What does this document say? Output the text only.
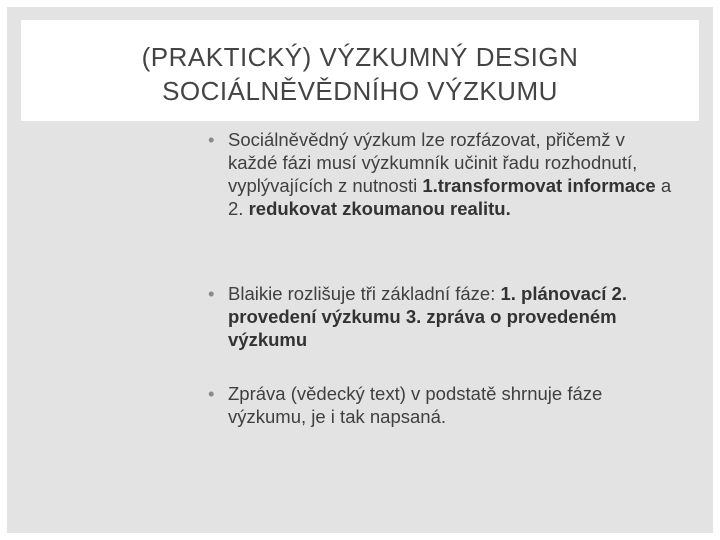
(PRAKTICKÝ) VÝZKUMNÝ DESIGN
SOCIÁLNĚVĚDNÍHO VÝZKUMU
• Sociálněvědný výzkum lze rozfázovat, přičemž v každé fázi musí výzkumník učinit řadu rozhodnutí, vyplývajících z nutnosti 1.transformovat informace a 2. redukovat zkoumanou realitu.
• Blaikie rozlišuje tři základní fáze: 1. plánovací 2. provedení výzkumu 3. zpráva o provedeném výzkumu
• Zpráva (vědecký text) v podstatě shrnuje fáze výzkumu, je i tak napsaná.
